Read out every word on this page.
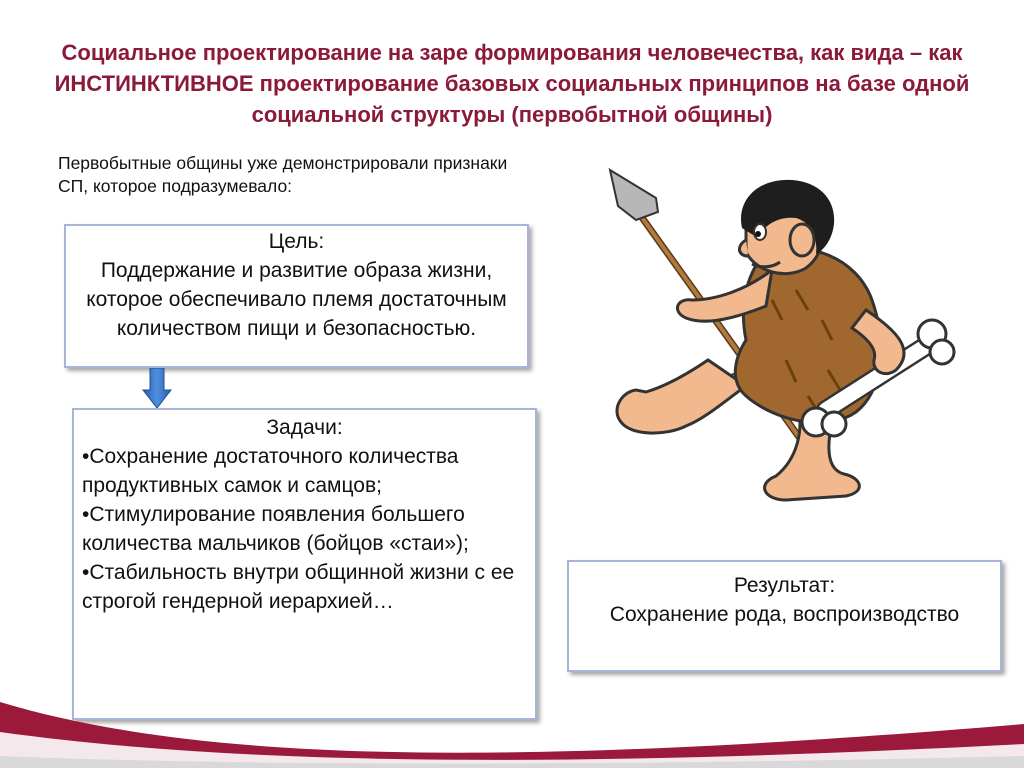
Социальное проектирование на заре формирования человечества, как вида – как ИНСТИНКТИВНОЕ проектирование базовых социальных принципов на базе одной социальной структуры (первобытной общины)
Первобытные общины уже демонстрировали признаки СП, которое подразумевало:
Цель:
Поддержание и развитие образа жизни, которое обеспечивало племя достаточным количеством пищи и безопасностью.
Задачи:
•Сохранение достаточного количества продуктивных самок и самцов;
•Стимулирование появления большего количества мальчиков (бойцов «стаи»);
•Стабильность внутри общинной жизни с ее строгой гендерной иерархией…
Результат:
Сохранение рода, воспроизводство
